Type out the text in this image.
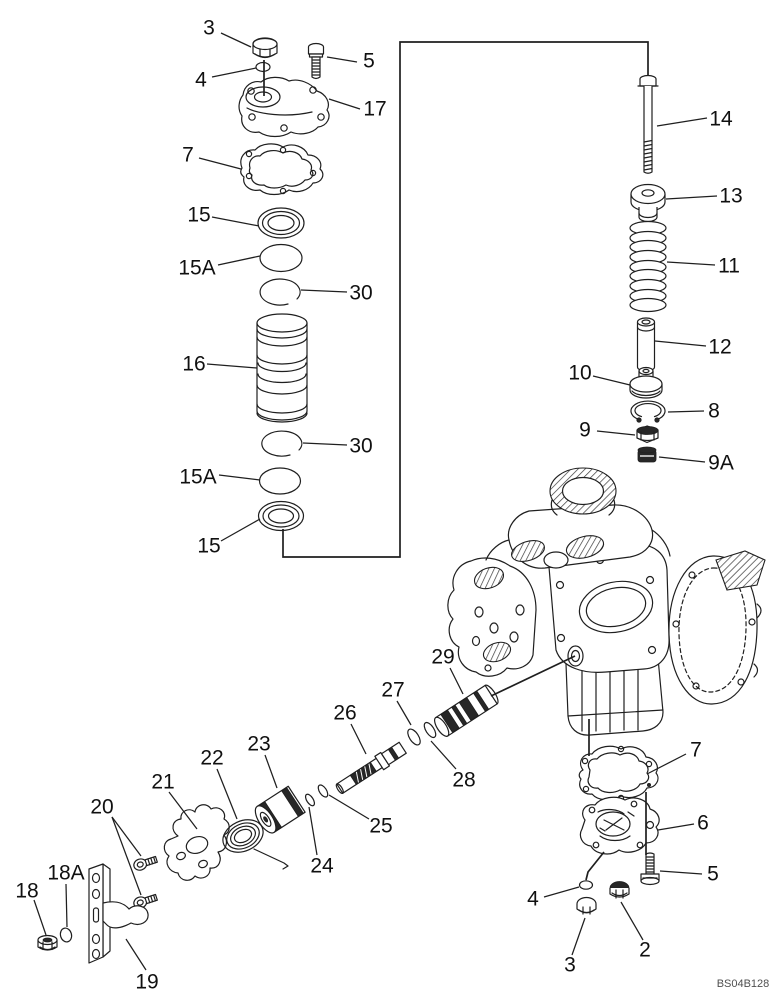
3
4
5
17
7
15
15A
30
16
30
15A
15
14
13
11
12
10
8
9
9A
29
27
26
23
28
25
24
22
21
20
18A
18
19
7
6
5
4
2
3
BS04B128
